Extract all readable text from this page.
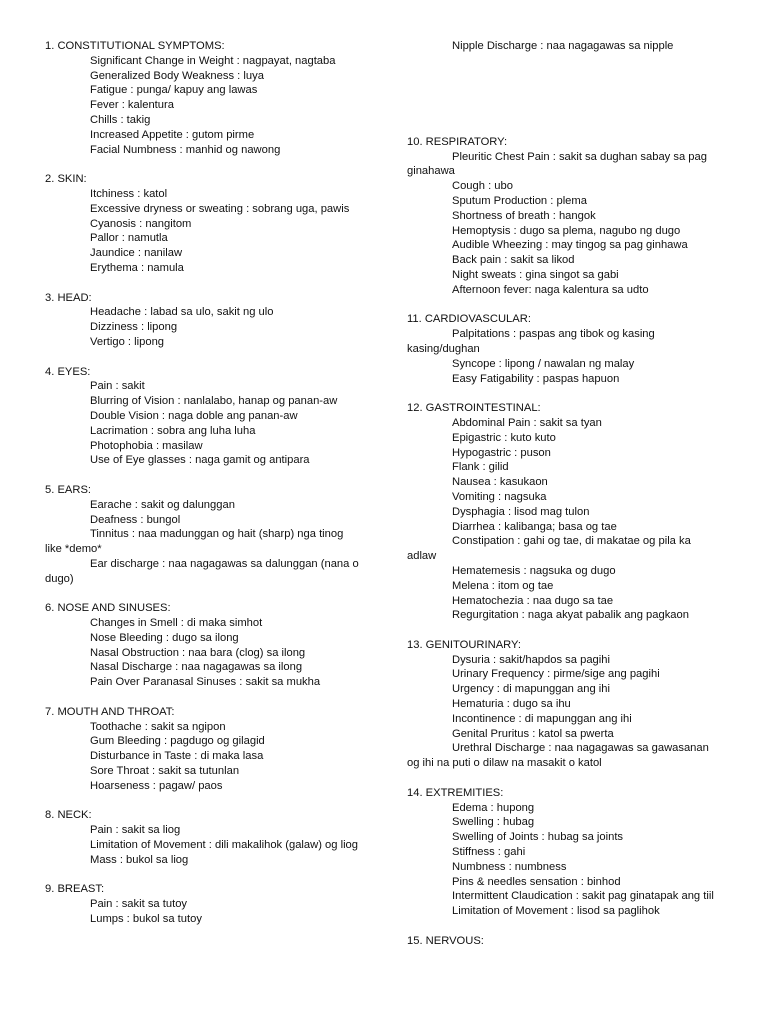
1. CONSTITUTIONAL SYMPTOMS:
Significant Change in Weight : nagpayat, nagtaba
Generalized Body Weakness : luya
Fatigue : punga/ kapuy ang lawas
Fever : kalentura
Chills : takig
Increased Appetite : gutom pirme
Facial Numbness : manhid og nawong
2. SKIN:
Itchiness : katol
Excessive dryness or sweating : sobrang uga, pawis
Cyanosis : nangitom
Pallor : namutla
Jaundice : nanilaw
Erythema : namula
3. HEAD:
Headache : labad sa ulo, sakit ng ulo
Dizziness : lipong
Vertigo : lipong
4. EYES:
Pain : sakit
Blurring of Vision : nanlalabo, hanap og panan-aw
Double Vision : naga doble ang panan-aw
Lacrimation : sobra ang luha luha
Photophobia : masilaw
Use of Eye glasses : naga gamit og antipara
5. EARS:
Earache : sakit og dalunggan
Deafness : bungol
Tinnitus : naa madunggan og hait (sharp) nga tinog like *demo*
Ear discharge : naa nagagawas sa dalunggan (nana o dugo)
6. NOSE AND SINUSES:
Changes in Smell : di maka simhot
Nose Bleeding : dugo sa ilong
Nasal Obstruction : naa bara (clog) sa ilong
Nasal Discharge : naa nagagawas sa ilong
Pain Over Paranasal Sinuses : sakit sa mukha
7. MOUTH AND THROAT:
Toothache : sakit sa ngipon
Gum Bleeding : pagdugo og gilagid
Disturbance in Taste : di maka lasa
Sore Throat : sakit sa tutunlan
Hoarseness : pagaw/ paos
8. NECK:
Pain : sakit sa liog
Limitation of Movement : dili makalihok (galaw) og liog
Mass : bukol sa liog
9. BREAST:
Pain : sakit sa tutoy
Lumps : bukol sa tutoy
Nipple Discharge : naa nagagawas sa nipple
10. RESPIRATORY:
Pleuritic Chest Pain : sakit sa dughan sabay sa pag ginahawa
Cough : ubo
Sputum Production : plema
Shortness of breath : hangok
Hemoptysis : dugo sa plema, nagubo ng dugo
Audible Wheezing : may tingog sa pag ginhawa
Back pain : sakit sa likod
Night sweats : gina singot sa gabi
Afternoon fever: naga kalentura sa udto
11. CARDIOVASCULAR:
Palpitations : paspas ang tibok og kasing kasing/dughan
Syncope : lipong / nawalan ng malay
Easy Fatigability : paspas hapuon
12. GASTROINTESTINAL:
Abdominal Pain : sakit sa tyan
Epigastric : kuto kuto
Hypogastric : puson
Flank : gilid
Nausea : kasukaon
Vomiting : nagsuka
Dysphagia : lisod mag tulon
Diarrhea : kalibanga; basa og tae
Constipation : gahi og tae, di makatae og pila ka adlaw
Hematemesis : nagsuka og dugo
Melena : itom og tae
Hematochezia : naa dugo sa tae
Regurgitation : naga akyat pabalik ang pagkaon
13. GENITOURINARY:
Dysuria : sakit/hapdos sa pagihi
Urinary Frequency : pirme/sige ang pagihi
Urgency : di mapunggan ang ihi
Hematuria : dugo sa ihu
Incontinence : di mapunggan ang ihi
Genital Pruritus : katol sa pwerta
Urethral Discharge : naa nagagawas sa gawasanan og ihi na puti o dilaw na masakit o katol
14. EXTREMITIES:
Edema : hupong
Swelling : hubag
Swelling of Joints : hubag sa joints
Stiffness : gahi
Numbness : numbness
Pins & needles sensation : binhod
Intermittent Claudication : sakit pag ginatapak ang tiil
Limitation of Movement : lisod sa paglihok
15. NERVOUS:
